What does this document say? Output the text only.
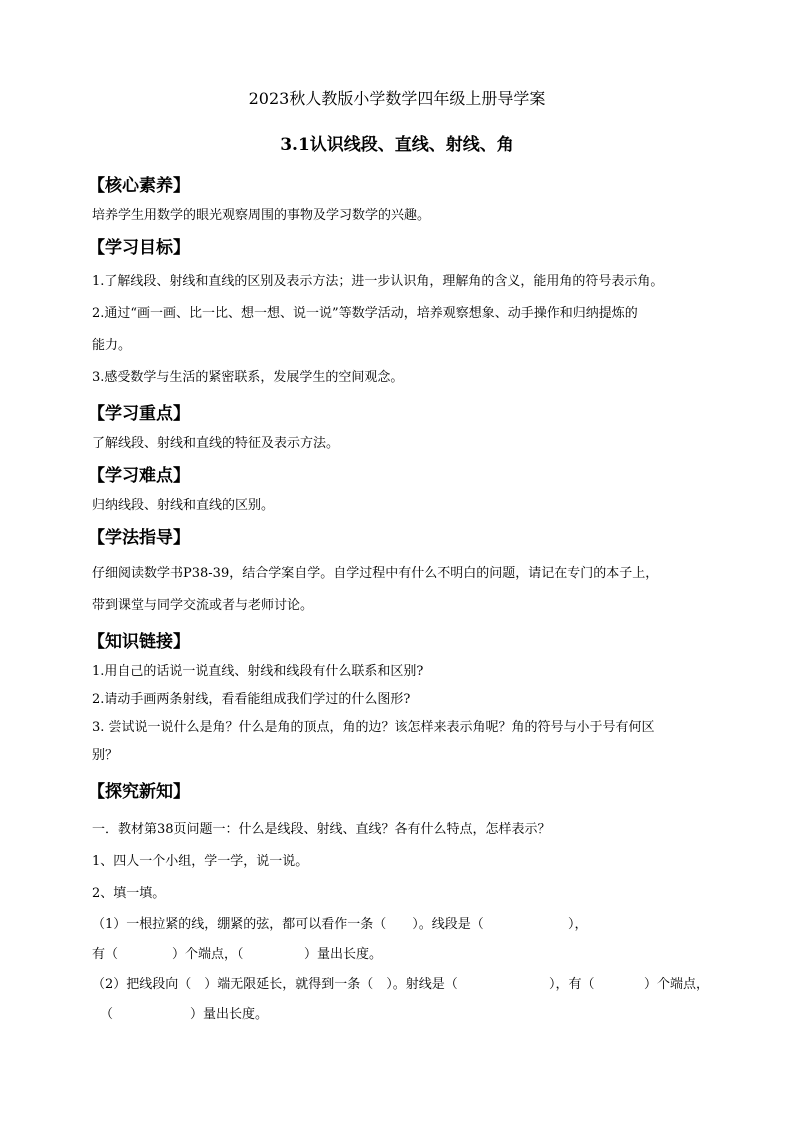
2023秋人教版小学数学四年级上册导学案
3.1认识线段、直线、射线、角
【核心素养】
培养学生用数学的眼光观察周围的事物及学习数学的兴趣。
【学习目标】
1.了解线段、射线和直线的区别及表示方法；进一步认识角，理解角的含义，能用角的符号表示角。
2.通过“画一画、比一比、想一想、说一说”等数学活动，培养观察想象、动手操作和归纳提炼的
能力。
3.感受数学与生活的紧密联系，发展学生的空间观念。
【学习重点】
了解线段、射线和直线的特征及表示方法。
【学习难点】
归纳线段、射线和直线的区别。
【学法指导】
仔细阅读数学书P38-39，结合学案自学。自学过程中有什么不明白的问题，请记在专门的本子上，
带到课堂与同学交流或者与老师讨论。
【知识链接】
1.用自己的话说一说直线、射线和线段有什么联系和区别?
2.请动手画两条射线，看看能组成我们学过的什么图形?
3. 尝试说一说什么是角？什么是角的顶点，角的边？该怎样来表示角呢？角的符号与小于号有何区
别？
【探究新知】
一．教材第38页问题一：什么是线段、射线、直线？各有什么特点，怎样表示？
1、四人一个小组，学一学，说一说。
2、填一填。
（1）一根拉紧的线，绷紧的弦，都可以看作一条（　　）。线段是（	），
有（	）个端点，（	）量出长度。
（2）把线段向（　）端无限延长，就得到一条（　）。射线是（	），有（	）个端点，
（	）量出长度。
